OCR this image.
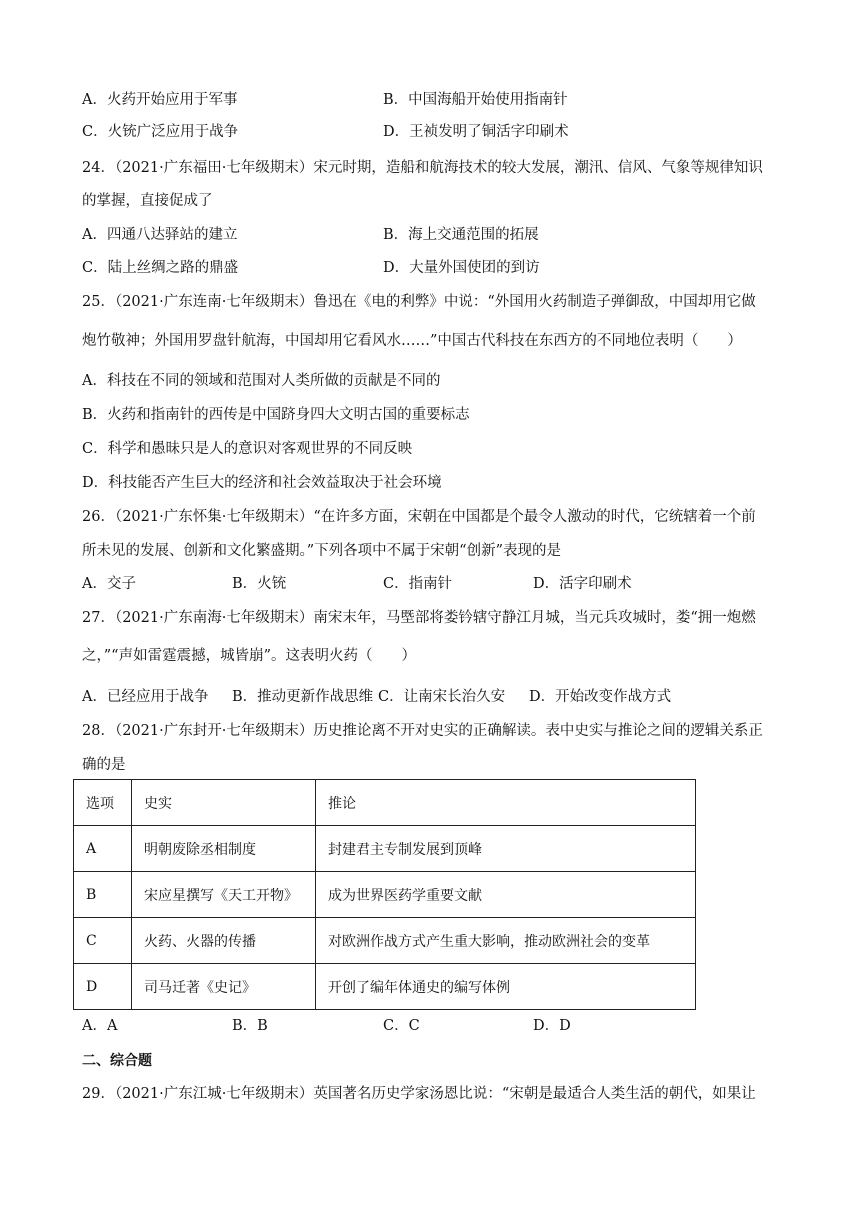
A．火药开始应用于军事	B．中国海船开始使用指南针
C．火铳广泛应用于战争	D．王祯发明了铜活字印刷术
24．（2021·广东福田·七年级期末）宋元时期，造船和航海技术的较大发展，潮汛、信风、气象等规律知识
的掌握，直接促成了
A．四通八达驿站的建立	B．海上交通范围的拓展
C．陆上丝绸之路的鼎盛	D．大量外国使团的到访
25．（2021·广东连南·七年级期末）鲁迅在《电的利弊》中说：“外国用火药制造子弹御敌，中国却用它做
炮竹敬神；外国用罗盘针航海，中国却用它看风水……”中国古代科技在东西方的不同地位表明（　　）
A．科技在不同的领域和范围对人类所做的贡献是不同的
B．火药和指南针的西传是中国跻身四大文明古国的重要标志
C．科学和愚昧只是人的意识对客观世界的不同反映
D．科技能否产生巨大的经济和社会效益取决于社会环境
26．（2021·广东怀集·七年级期末）“在许多方面，宋朝在中国都是个最令人激动的时代，它统辖着一个前
所未见的发展、创新和文化繁盛期。”下列各项中不属于宋朝“创新”表现的是
A．交子	B．火铳	C．指南针	D．活字印刷术
27．（2021·广东南海·七年级期末）南宋末年，马塈部将娄钤辖守静江月城，当元兵攻城时，娄“拥一炮燃
之，”“声如雷霆震撼，城皆崩”。这表明火药（　　）
A．已经应用于战争 B．推动更新作战思维 C．让南宋长治久安 D．开始改变作战方式
28．（2021·广东封开·七年级期末）历史推论离不开对史实的正确解读。表中史实与推论之间的逻辑关系正
确的是
选项	史实	推论
A	明朝废除丞相制度	封建君主专制发展到顶峰
B	宋应星撰写《天工开物》	成为世界医药学重要文献
C	火药、火器的传播	对欧洲作战方式产生重大影响，推动欧洲社会的变革
D	司马迁著《史记》	开创了编年体通史的编写体例
A．A	B．B	C．C	D．D
二、综合题
29．（2021·广东江城·七年级期末）英国著名历史学家汤恩比说：“宋朝是最适合人类生活的朝代，如果让
